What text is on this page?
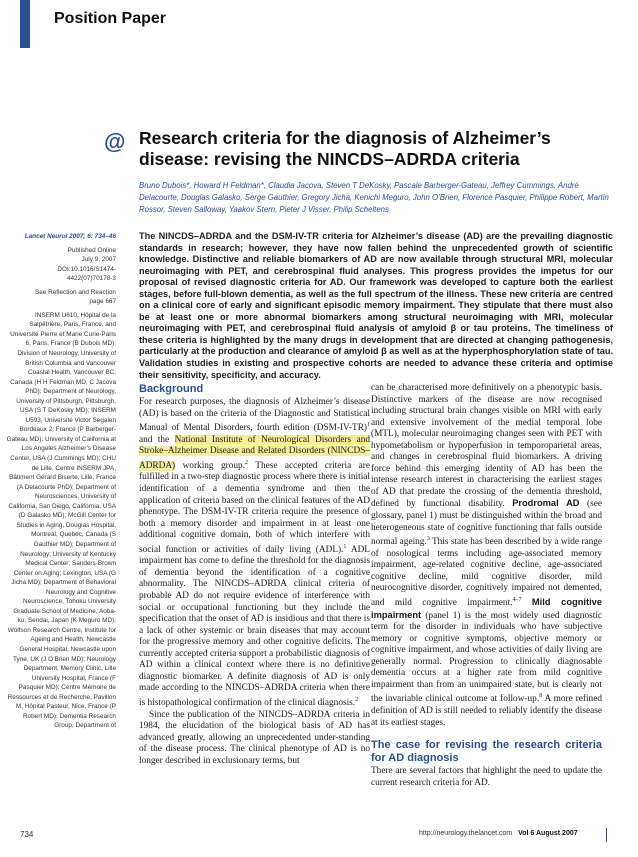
Position Paper
@ Research criteria for the diagnosis of Alzheimer’s disease: revising the NINCDS–ADRDA criteria
Bruno Dubois*, Howard H Feldman*, Claudia Jacova, Steven T DeKosky, Pascale Barberger-Gateau, Jeffrey Cummings, André Delacourte, Douglas Galasko, Serge Gauthier, Gregory Jicha, Kenichi Meguro, John O’Brien, Florence Pasquier, Philippe Robert, Martin Rossor, Steven Salloway, Yaakov Stern, Pieter J Visser, Philip Scheltens
Lancet Neurol 2007; 6: 734–46
Published Online
July 9, 2007
DOI:10.1016/S1474-
4422(07)70178-3
See Reflection and Reaction
page 667
INSERM U610, Hôpital de la Salpêtrière, Paris, France, and Université Pierre et Marie Curie-Paris 6, Paris, France (B Dubois MD); Division of Neurology, University of British Columbia and Vancouver Coastal Health, Vancouver BC, Canada (H H Feldman MD, C Jacova PhD); Department of Neurology, University of Pittsburgh, Pittsburgh, USA (S T DeKosky MD); INSERM U593, Université Victor Segalen Bordeaux 2, France (P Barberger-Gateau MD); University of California at Los Angeles Alzheimer’s Disease Center, USA (J Cummings MD); CHU de Lille, Centre INSERM JPA, Bâtiment Gérard Biserte, Lille, France (A Delacourte PhD); Department of Neurosciences, University of California, San Diego, California, USA (D Galasko MD); McGill Center for Studies in Aging, Douglas Hospital, Montreal, Quebec, Canada (S Gauthier MD); Department of Neurology; University of Kentucky Medical Center; Sanders-Brown Center on Aging; Lexington, USA (G Jicha MD); Department of Behavioral Neurology and Cognitive Neuroscience, Tohoku University Graduate School of Medicine, Aoba-ku, Sendai, Japan (K Meguro MD); Wolfson Research Centre, Institute for Ageing and Health, Newcastle General Hospital, Newcastle upon Tyne, UK (J O’Brien MD); Neurology Department, Memory Clinic, Lille University Hospital, France (F Pasquier MD); Centre Mémoire de Ressources et de Recherche, Pavillon M, Hôpital Pasteur, Nice, France (P Robert MD); Dementia Research Group, Department of
The NINCDS–ADRDA and the DSM-IV-TR criteria for Alzheimer’s disease (AD) are the prevailing diagnostic standards in research; however, they have now fallen behind the unprecedented growth of scientific knowledge. Distinctive and reliable biomarkers of AD are now available through structural MRI, molecular neuroimaging with PET, and cerebrospinal fluid analyses. This progress provides the impetus for our proposal of revised diagnostic criteria for AD. Our framework was developed to capture both the earliest stages, before full-blown dementia, as well as the full spectrum of the illness. These new criteria are centred on a clinical core of early and significant episodic memory impairment. They stipulate that there must also be at least one or more abnormal biomarkers among structural neuroimaging with MRI, molecular neuroimaging with PET, and cerebrospinal fluid analysis of amyloid β or tau proteins. The timeliness of these criteria is highlighted by the many drugs in development that are directed at changing pathogenesis, particularly at the production and clearance of amyloid β as well as at the hyperphosphorylation state of tau. Validation studies in existing and prospective cohorts are needed to advance these criteria and optimise their sensitivity, specificity, and accuracy.
Background

For research purposes, the diagnosis of Alzheimer’s disease (AD) is based on the criteria of the Diagnostic and Statistical Manual of Mental Disorders, fourth edition $(DSM-IV-TR)^1$ and the National Institute of Neurological Disorders and Stroke–Alzheimer Disease and Related Disorders (NINCDS–ADRDA) working group.$^2$ These accepted criteria are fulfilled in a two-step diagnostic process where there is initial identification of a dementia syndrome and then the application of criteria based on the clinical features of the AD phenotype. The DSM-IV-TR criteria require the presence of both a memory disorder and impairment in at least one additional cognitive domain, both of which interfere with social function or activities of daily living (ADL).$^1$ ADL impairment has come to define the threshold for the diagnosis of dementia beyond the identification of a cognitive abnormality. The NINCDS–ADRDA clinical criteria of probable AD do not require evidence of interference with social or occupational functioning but they include the specification that the onset of AD is insidious and that there is a lack of other systemic or brain diseases that may account for the progressive memory and other cognitive deficits. The currently accepted criteria support a probabilistic diagnosis of AD within a clinical context where there is no definitive diagnostic biomarker. A definite diagnosis of AD is only made according to the NINCDS–ADRDA criteria when there is histopathological confirmation of the clinical diagnosis.$^2$

Since the publication of the NINCDS–ADRDA criteria in 1984, the elucidation of the biological basis of AD has advanced greatly, allowing an unprecedented under-standing of the disease process. The clinical phenotype of AD is no longer described in exclusionary terms, but

can be characterised more definitively on a phenotypic basis. Distinctive markers of the disease are now recognised including structural brain changes visible on MRI with early and extensive involvement of the medial temporal lobe (MTL), molecular neuroimaging changes seen with PET with hypometabolism or hypoperfusion in temporoparietal areas, and changes in cerebrospinal fluid biomarkers. A driving force behind this emerging identity of AD has been the intense research interest in characterising the earliest stages of AD that predate the crossing of the dementia threshold, defined by functional disability. Prodromal AD (see glossary, panel 1) must be distinguished within the broad and heterogeneous state of cognitive functioning that falls outside normal ageing.$^3$ This state has been described by a wide range of nosological terms including age-associated memory impairment, age-related cognitive decline, age-associated cognitive decline, mild cognitive disorder, mild neurocognitive disorder, cognitively impaired not demented, and mild cognitive impairment.$^{4-7}$ Mild cognitive impairment (panel 1) is the most widely used diagnostic term for the disorder in individuals who have subjective memory or cognitive symptoms, objective memory or cognitive impairment, and whose activities of daily living are generally normal. Progression to clinically diagnosable dementia occurs at a higher rate from mild cognitive impairment than from an unimpaired state, but is clearly not the invariable clinical outcome at follow-up.$^8$ A more refined definition of AD is still needed to reliably identify the disease at its earliest stages.

The case for revising the research criteria for AD diagnosis

There are several factors that highlight the need to update the current research criteria for AD.

734	http://neurology.thelancet.com Vol 6 August 2007
